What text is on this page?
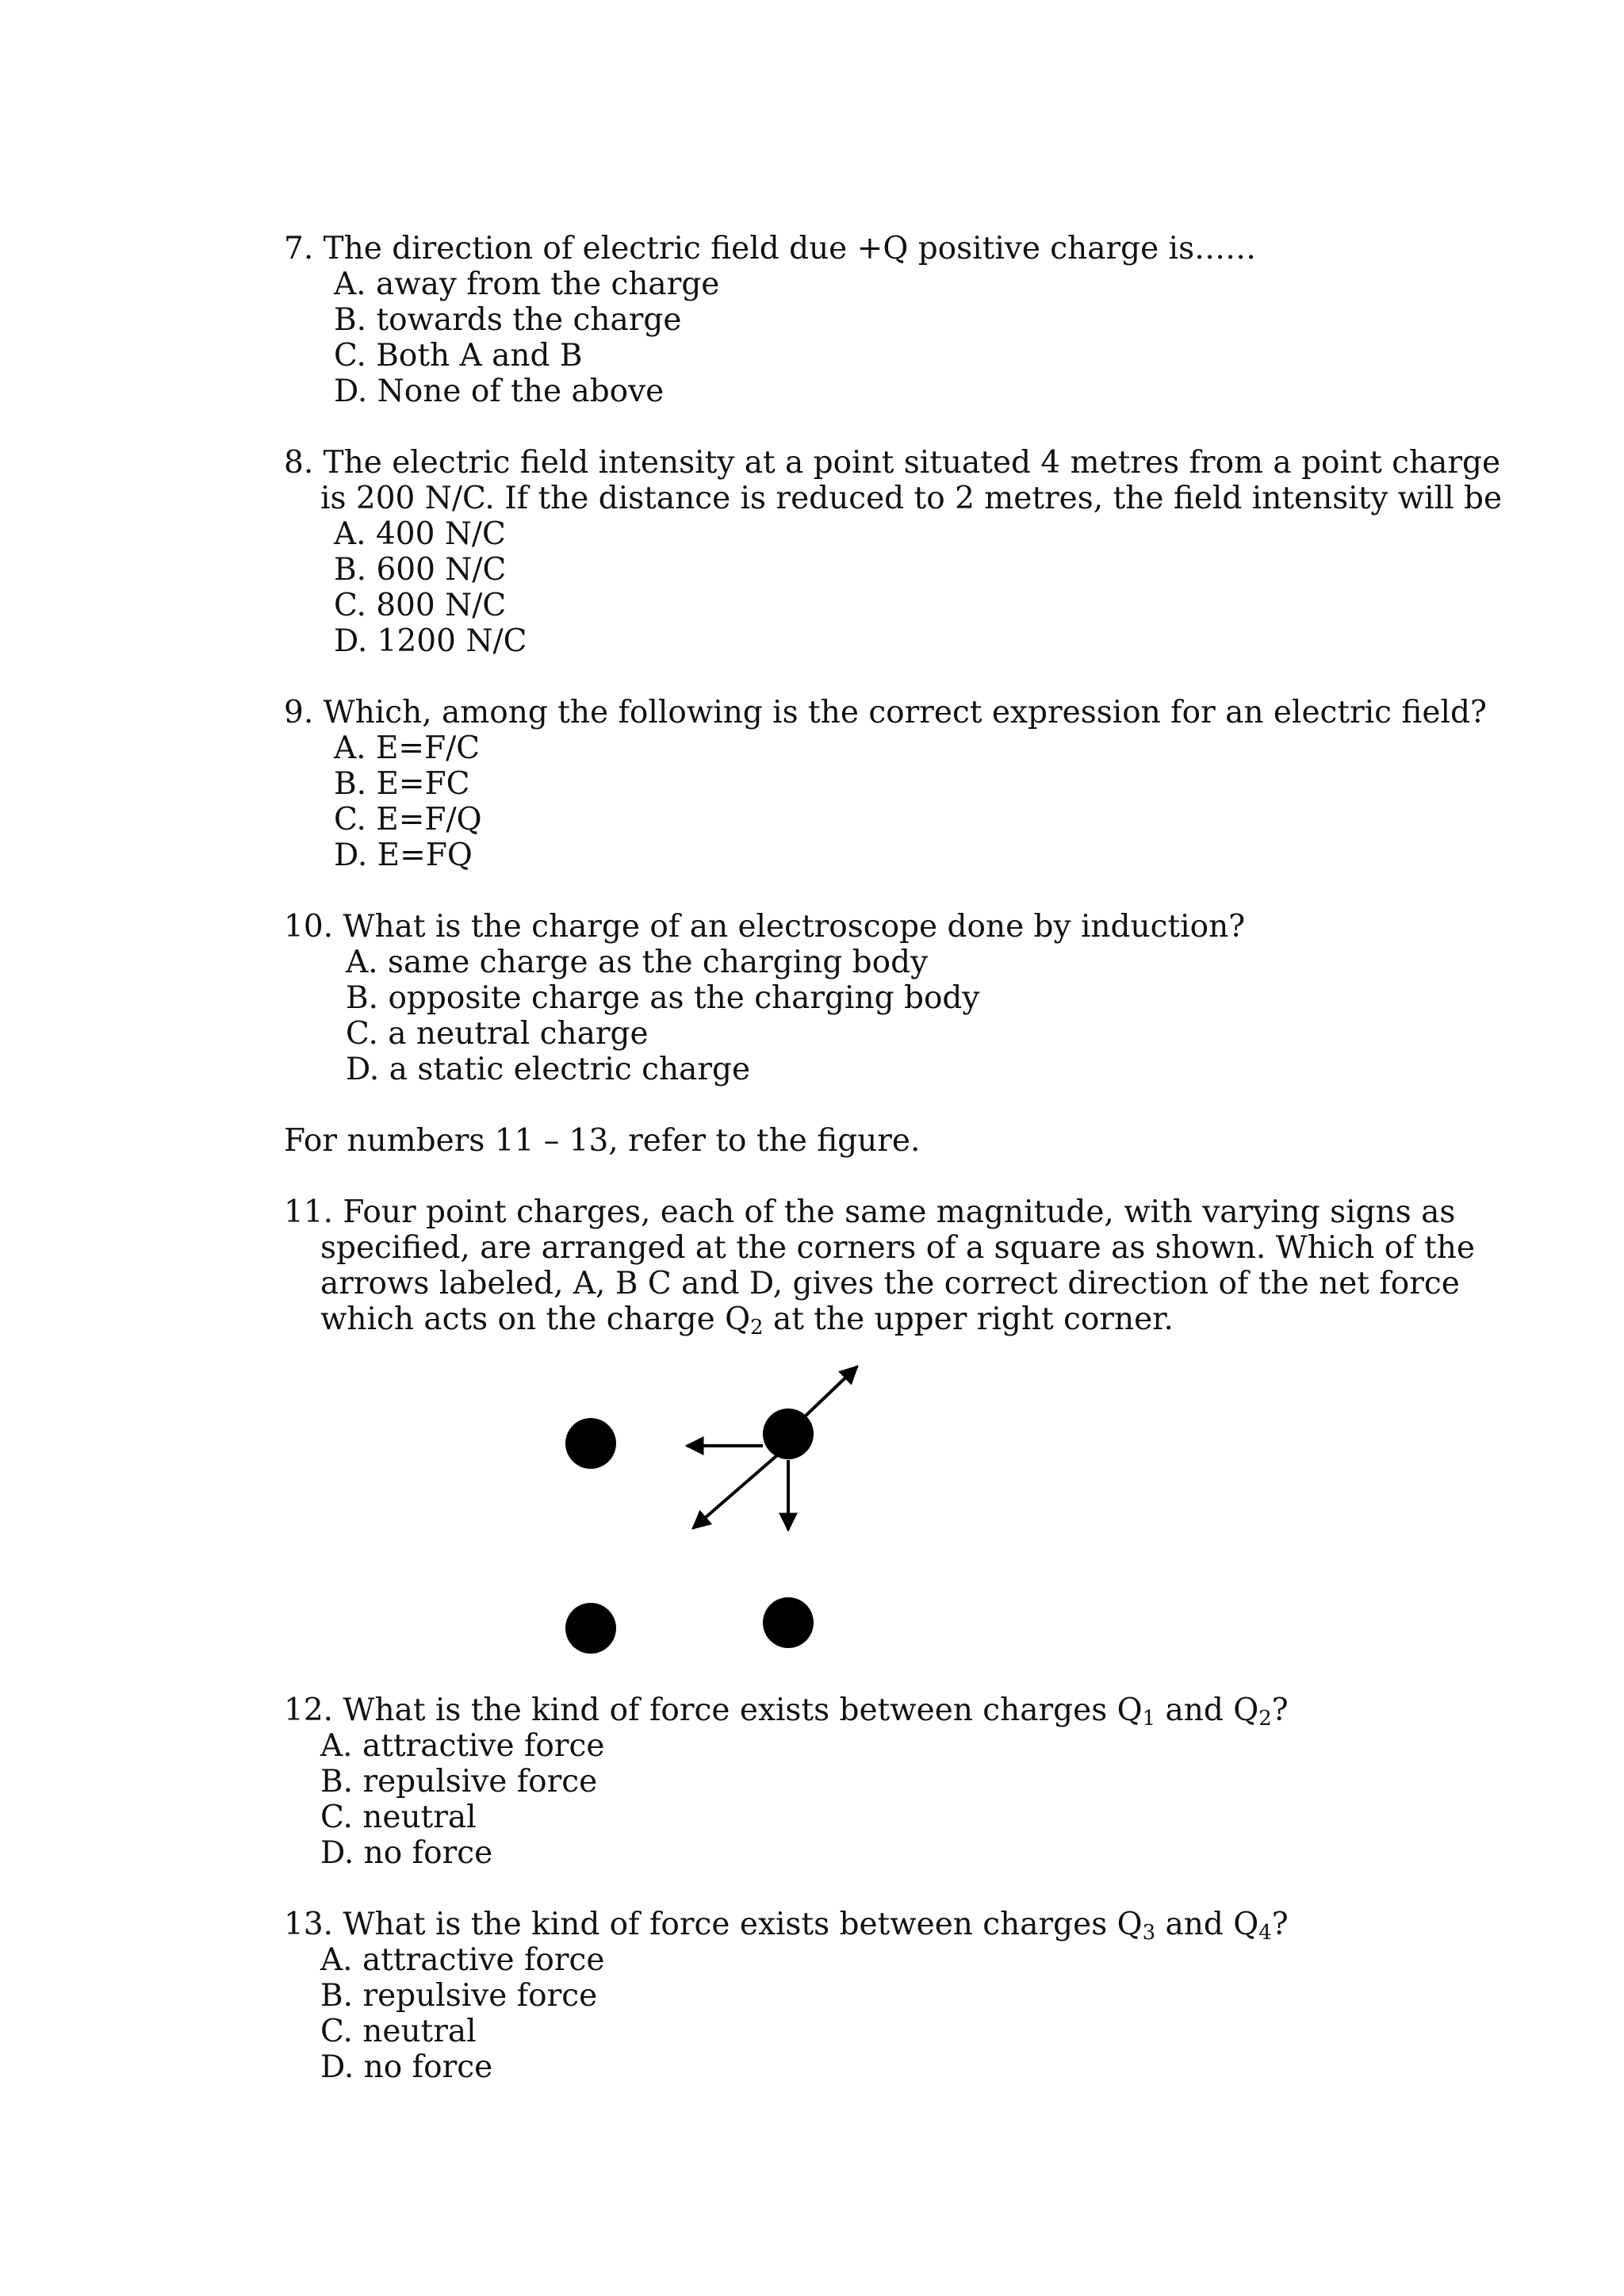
7. The direction of electric field due +Q positive charge is……
A. away from the charge
B. towards the charge
C. Both A and B
D. None of the above
8. The electric field intensity at a point situated 4 metres from a point charge
is 200 N/C. If the distance is reduced to 2 metres, the field intensity will be
A. 400 N/C
B. 600 N/C
C. 800 N/C
D. 1200 N/C
9. Which, among the following is the correct expression for an electric field?
A. E=F/C
B. E=FC
C. E=F/Q
D. E=FQ
10. What is the charge of an electroscope done by induction?
A. same charge as the charging body
B. opposite charge as the charging body
C. a neutral charge
D. a static electric charge
For numbers 11 – 13, refer to the figure.
11. Four point charges, each of the same magnitude, with varying signs as
specified, are arranged at the corners of a square as shown. Which of the
arrows labeled, A, B C and D, gives the correct direction of the net force
which acts on the charge $Q_2$ at the upper right corner.
12. What is the kind of force exists between charges $Q_1$ and $Q_2$?
A. attractive force
B. repulsive force
C. neutral
D. no force
13. What is the kind of force exists between charges $Q_3$ and $Q_4$?
A. attractive force
B. repulsive force
C. neutral
D. no force
